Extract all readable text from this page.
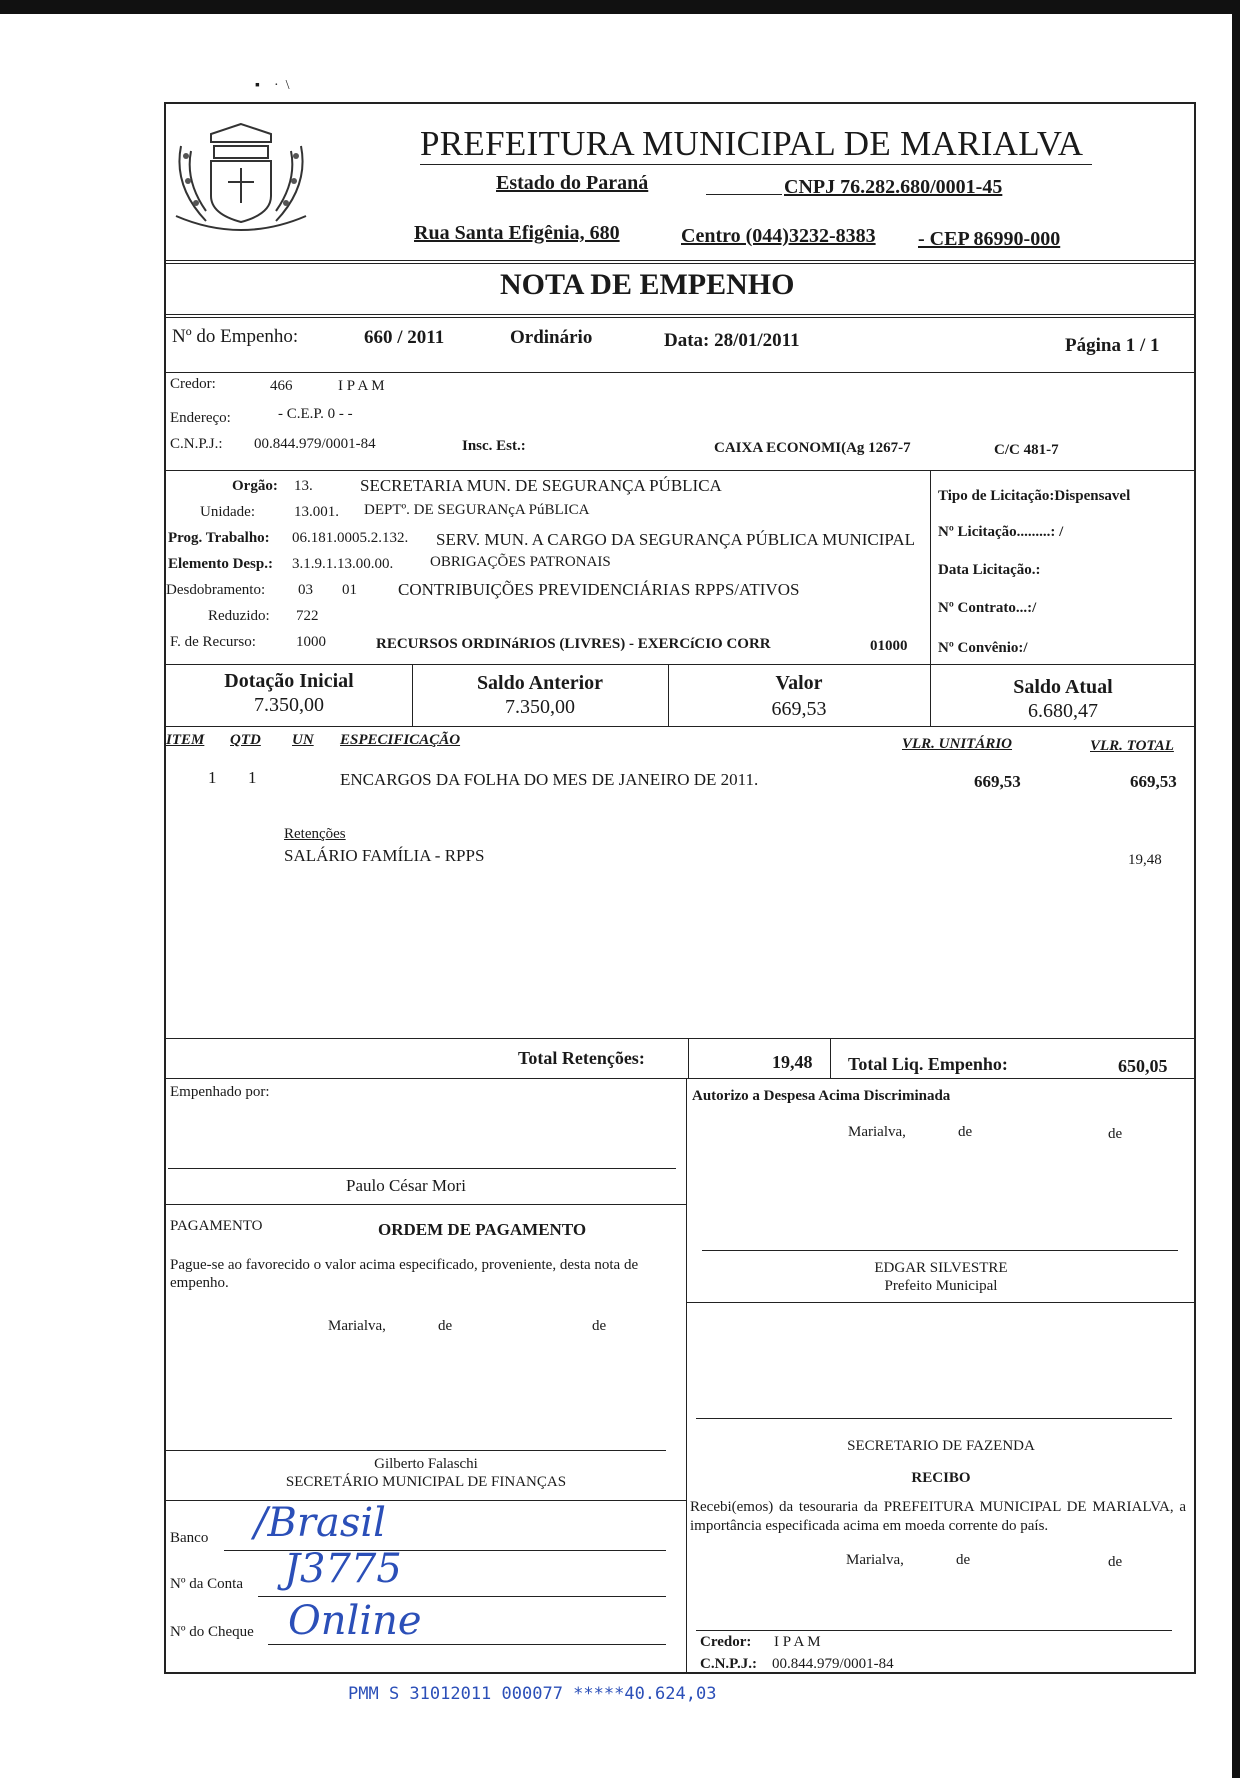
▪    ·  \
PREFEITURA MUNICIPAL DE MARIALVA
Estado do Paraná	CNPJ 76.282.680/0001-45
Rua Santa Efigênia, 680	Centro (044)3232-8383 - CEP 86990-000
NOTA DE EMPENHO
Nº do Empenho:	660 / 2011	Ordinário	Data: 28/01/2011	Página 1 / 1
Credor:	466	I P A M
Endereço:	- C.E.P. 0 - -
C.N.P.J.: 00.844.979/0001-84	Insc. Est.:	CAIXA ECONOMI(Ag 1267-7	C/C 481-7
Orgão: 13.	SECRETARIA MUN. DE SEGURANÇA PÚBLICA
Unidade:	13.001. DEPTº. DE SEGURANçA PúBLICA
Prog. Trabalho: 06.181.0005.2.132. SERV. MUN. A CARGO DA SEGURANÇA PÚBLICA MUNICIPAL
Elemento Desp.: 3.1.9.1.13.00.00. OBRIGAÇÕES PATRONAIS
Desdobramento: 03 01 CONTRIBUIÇÕES PREVIDENCIÁRIAS RPPS/ATIVOS
Reduzido: 722
F. de Recurso:	1000	RECURSOS ORDINáRIOS (LIVRES) - EXERCíCIO CORR	01000
Tipo de Licitação:Dispensavel
Nº Licitação.........: /
Data Licitação.:
Nº Contrato...:/
Nº Convênio:/
Dotação Inicial
7.350,00
Saldo Anterior
7.350,00
Valor
669,53
Saldo Atual
6.680,47
ITEM QTD UN ESPECIFICAÇÃO	VLR. UNITÁRIO	VLR. TOTAL
1 1	ENCARGOS DA FOLHA DO MES DE JANEIRO DE 2011.	669,53	669,53
Retenções
SALÁRIO FAMÍLIA - RPPS	19,48
Total Retenções:	19,48 Total Liq. Empenho:	650,05
Empenhado por:
Paulo César Mori
PAGAMENTO	ORDEM DE PAGAMENTO
Pague-se ao favorecido o valor acima especificado, proveniente, desta nota de empenho.
Marialva,	de	de
Gilberto Falaschi
SECRETÁRIO MUNICIPAL DE FINANÇAS
Banco /Brasil
Nº da Conta J3775
Nº do Cheque Online
Autorizo a Despesa Acima Discriminada
Marialva,	de	de
EDGAR SILVESTRE
Prefeito Municipal
SECRETARIO DE FAZENDA
RECIBO
Recebi(emos) da tesouraria da PREFEITURA MUNICIPAL DE MARIALVA, a importância especificada acima em moeda corrente do país.
Marialva,	de	de
Credor: I P A M
C.N.P.J.: 00.844.979/0001-84
PMM S 31012011 000077 *****40.624,03
